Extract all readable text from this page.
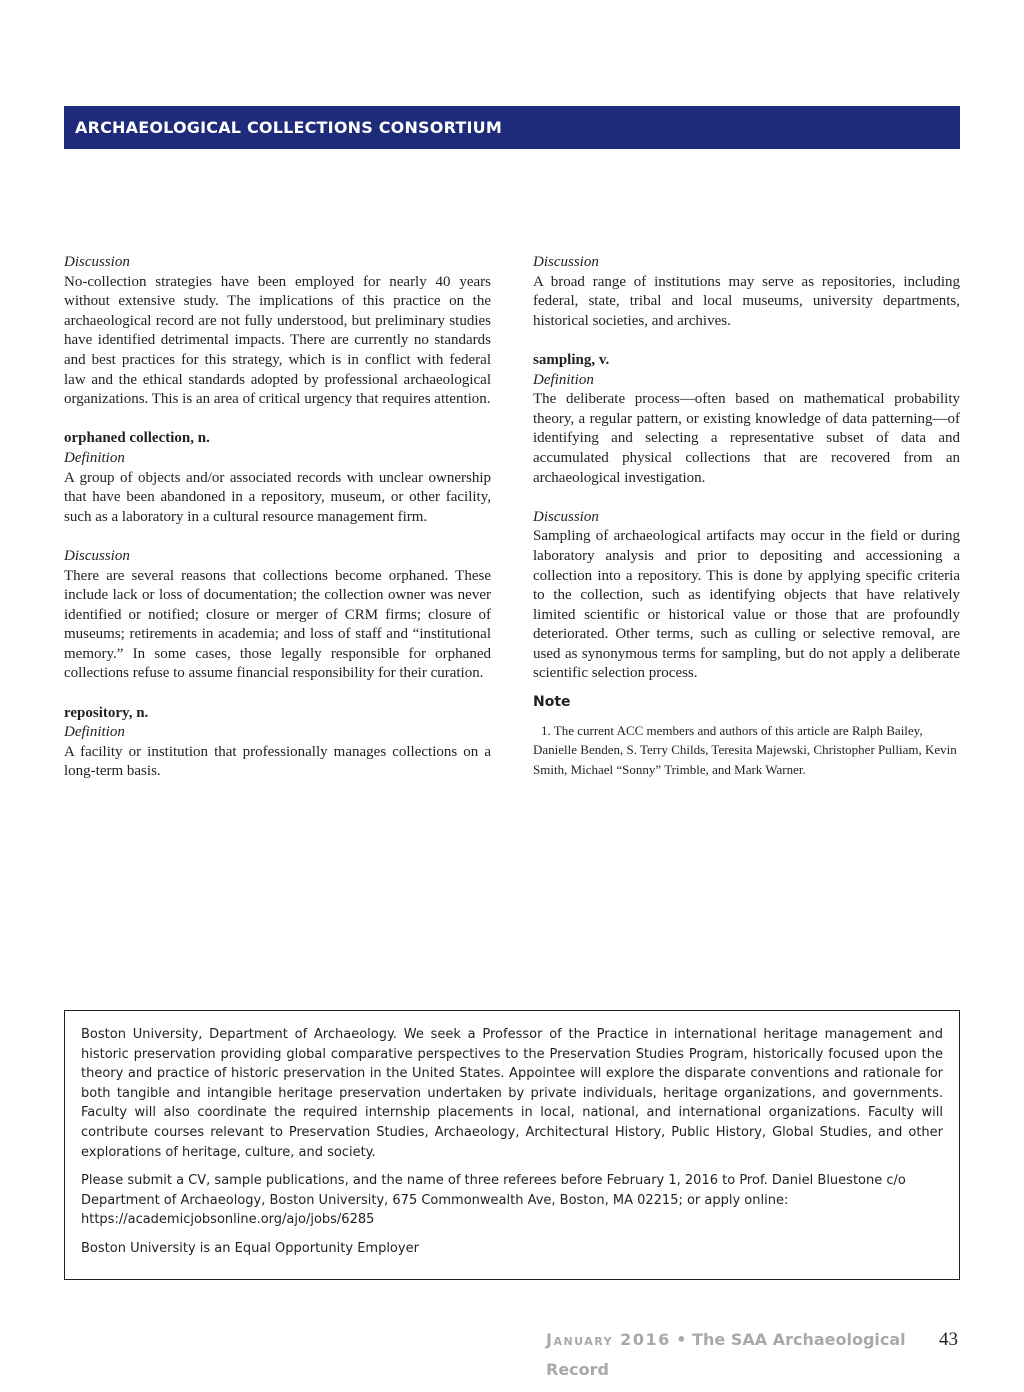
ARCHAEOLOGICAL COLLECTIONS CONSORTIUM
Discussion

No-collection strategies have been employed for nearly 40 years without extensive study. The implications of this practice on the archaeological record are not fully understood, but preliminary studies have identified detrimental impacts. There are currently no standards and best practices for this strategy, which is in conflict with federal law and the ethical standards adopted by professional archaeological organizations. This is an area of critical urgency that requires attention.

orphaned collection, n.
Definition

A group of objects and/or associated records with unclear ownership that have been abandoned in a repository, museum, or other facility, such as a laboratory in a cultural resource management firm.

Discussion

There are several reasons that collections become orphaned. These include lack or loss of documentation; the collection owner was never identified or notified; closure or merger of CRM firms; closure of museums; retirements in academia; and loss of staff and “institutional memory.” In some cases, those legally responsible for orphaned collections refuse to assume financial responsibility for their curation.

repository, n.
Definition

A facility or institution that professionally manages collections on a long-term basis.

Discussion

A broad range of institutions may serve as repositories, including federal, state, tribal and local museums, university departments, historical societies, and archives.

sampling, v.
Definition

The deliberate process—often based on mathematical probability theory, a regular pattern, or existing knowledge of data patterning—of identifying and selecting a representative subset of data and accumulated physical collections that are recovered from an archaeological investigation.

Discussion

Sampling of archaeological artifacts may occur in the field or during laboratory analysis and prior to depositing and accessioning a collection into a repository. This is done by applying specific criteria to the collection, such as identifying objects that have relatively limited scientific or historical value or those that are profoundly deteriorated. Other terms, such as culling or selective removal, are used as synonymous terms for sampling, but do not apply a deliberate scientific selection process.

Note

1. The current ACC members and authors of this article are Ralph Bailey, Danielle Benden, S. Terry Childs, Teresita Majewski, Christopher Pulliam, Kevin Smith, Michael “Sonny” Trimble, and Mark Warner.

Boston University, Department of Archaeology. We seek a Professor of the Practice in international heritage management and historic preservation providing global comparative perspectives to the Preservation Studies Program, historically focused upon the theory and practice of historic preservation in the United States. Appointee will explore the disparate conventions and rationale for both tangible and intangible heritage preservation undertaken by private individuals, heritage organizations, and governments. Faculty will also coordinate the required internship placements in local, national, and international organizations. Faculty will contribute courses relevant to Preservation Studies, Archaeology, Architectural History, Public History, Global Studies, and other explorations of heritage, culture, and society.

Please submit a CV, sample publications, and the name of three referees before February 1, 2016 to Prof. Daniel Bluestone c/o Department of Archaeology, Boston University, 675 Commonwealth Ave, Boston, MA 02215; or apply online:
https://academicjobsonline.org/ajo/jobs/6285

Boston University is an Equal Opportunity Employer

January 2016 • The SAA Archaeological Record
43
